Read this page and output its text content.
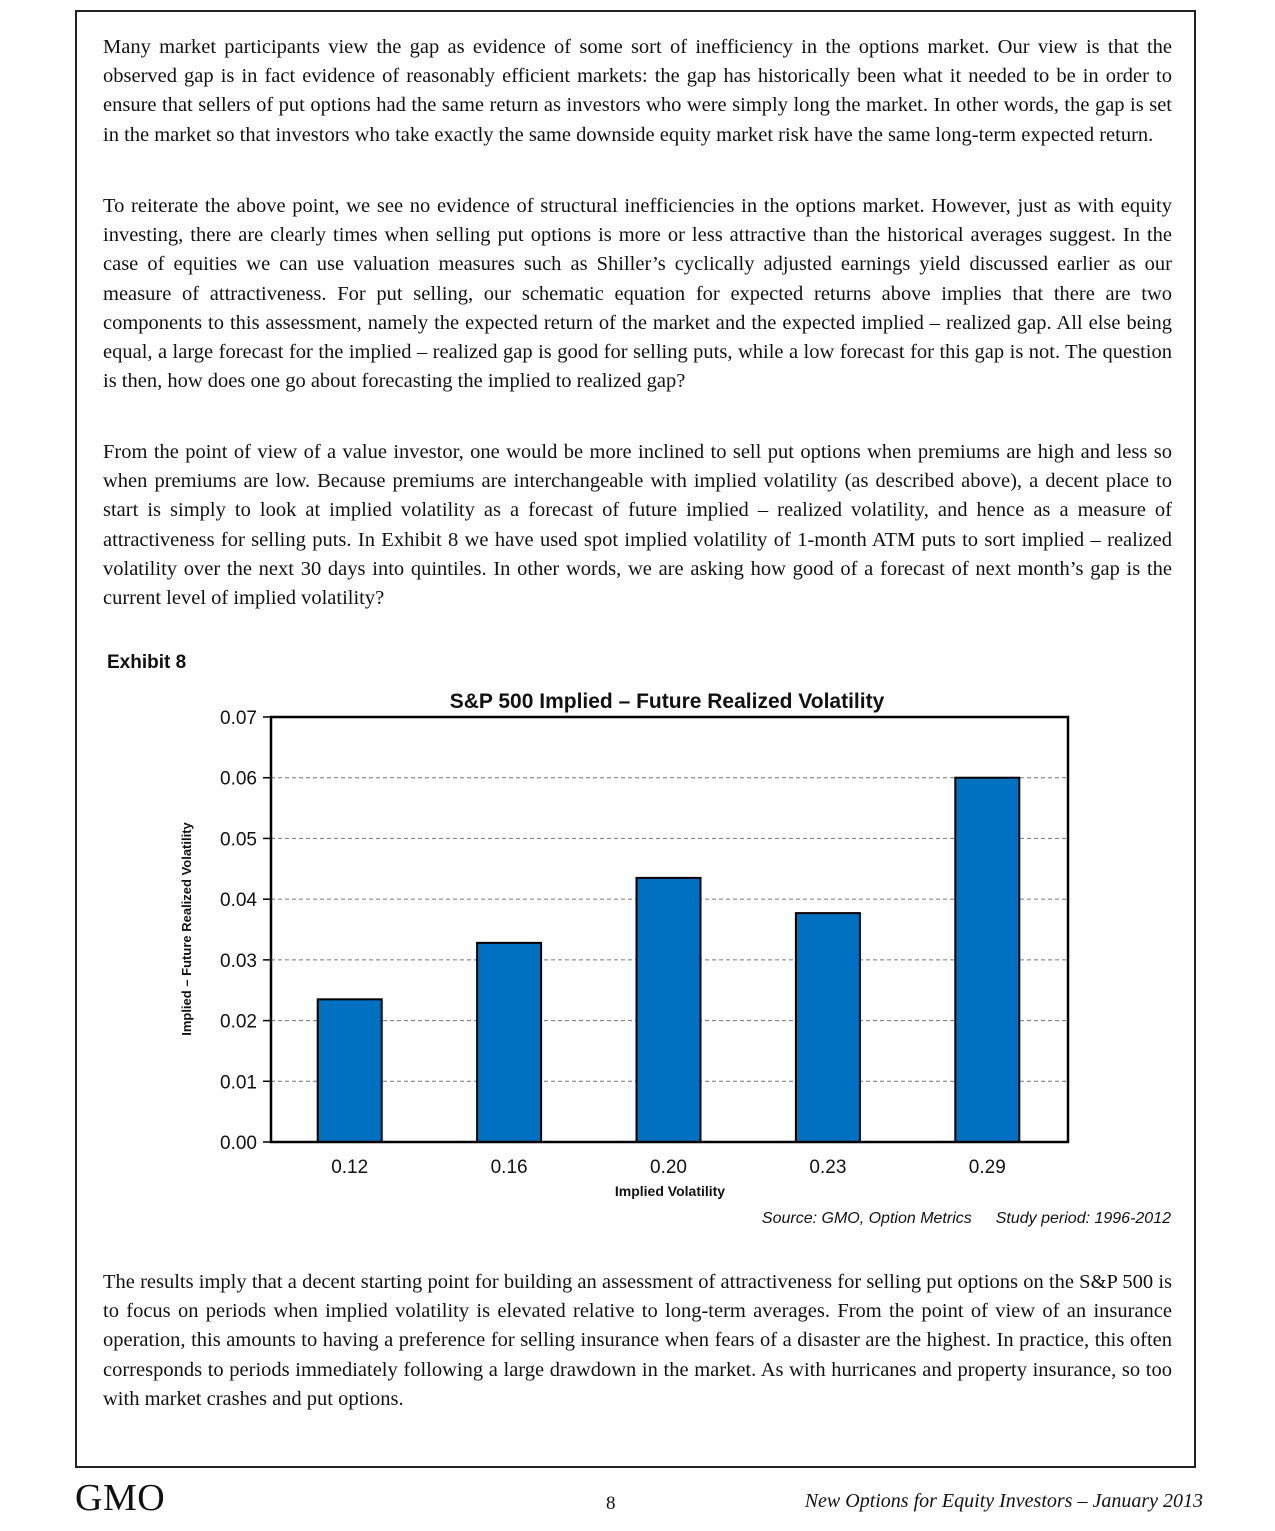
Many market participants view the gap as evidence of some sort of inefficiency in the options market. Our view is that the observed gap is in fact evidence of reasonably efficient markets: the gap has historically been what it needed to be in order to ensure that sellers of put options had the same return as investors who were simply long the market. In other words, the gap is set in the market so that investors who take exactly the same downside equity market risk have the same long-term expected return.

To reiterate the above point, we see no evidence of structural inefficiencies in the options market. However, just as with equity investing, there are clearly times when selling put options is more or less attractive than the historical averages suggest. In the case of equities we can use valuation measures such as Shiller’s cyclically adjusted earnings yield discussed earlier as our measure of attractiveness. For put selling, our schematic equation for expected returns above implies that there are two components to this assessment, namely the expected return of the market and the expected implied – realized gap. All else being equal, a large forecast for the implied – realized gap is good for selling puts, while a low forecast for this gap is not. The question is then, how does one go about forecasting the implied to realized gap?

From the point of view of a value investor, one would be more inclined to sell put options when premiums are high and less so when premiums are low. Because premiums are interchangeable with implied volatility (as described above), a decent place to start is simply to look at implied volatility as a forecast of future implied – realized volatility, and hence as a measure of attractiveness for selling puts. In Exhibit 8 we have used spot implied volatility of 1-month ATM puts to sort implied – realized volatility over the next 30 days into quintiles. In other words, we are asking how good of a forecast of next month’s gap is the current level of implied volatility?

Exhibit 8
0.00
0.01
0.02
0.03
0.04
0.05
0.06
0.07
0.12	0.16	0.20	0.23	0.29
S&P 500 Implied – Future Realized Volatility
Implied Volatility
Implied – Future Realized Volatility
Source: GMO, Option Metrics Study period: 1996-2012

The results imply that a decent starting point for building an assessment of attractiveness for selling put options on the S&P 500 is to focus on periods when implied volatility is elevated relative to long-term averages. From the point of view of an insurance operation, this amounts to having a preference for selling insurance when fears of a disaster are the highest. In practice, this often corresponds to periods immediately following a large drawdown in the market. As with hurricanes and property insurance, so too with market crashes and put options.

GMO	8	New Options for Equity Investors – January 2013
